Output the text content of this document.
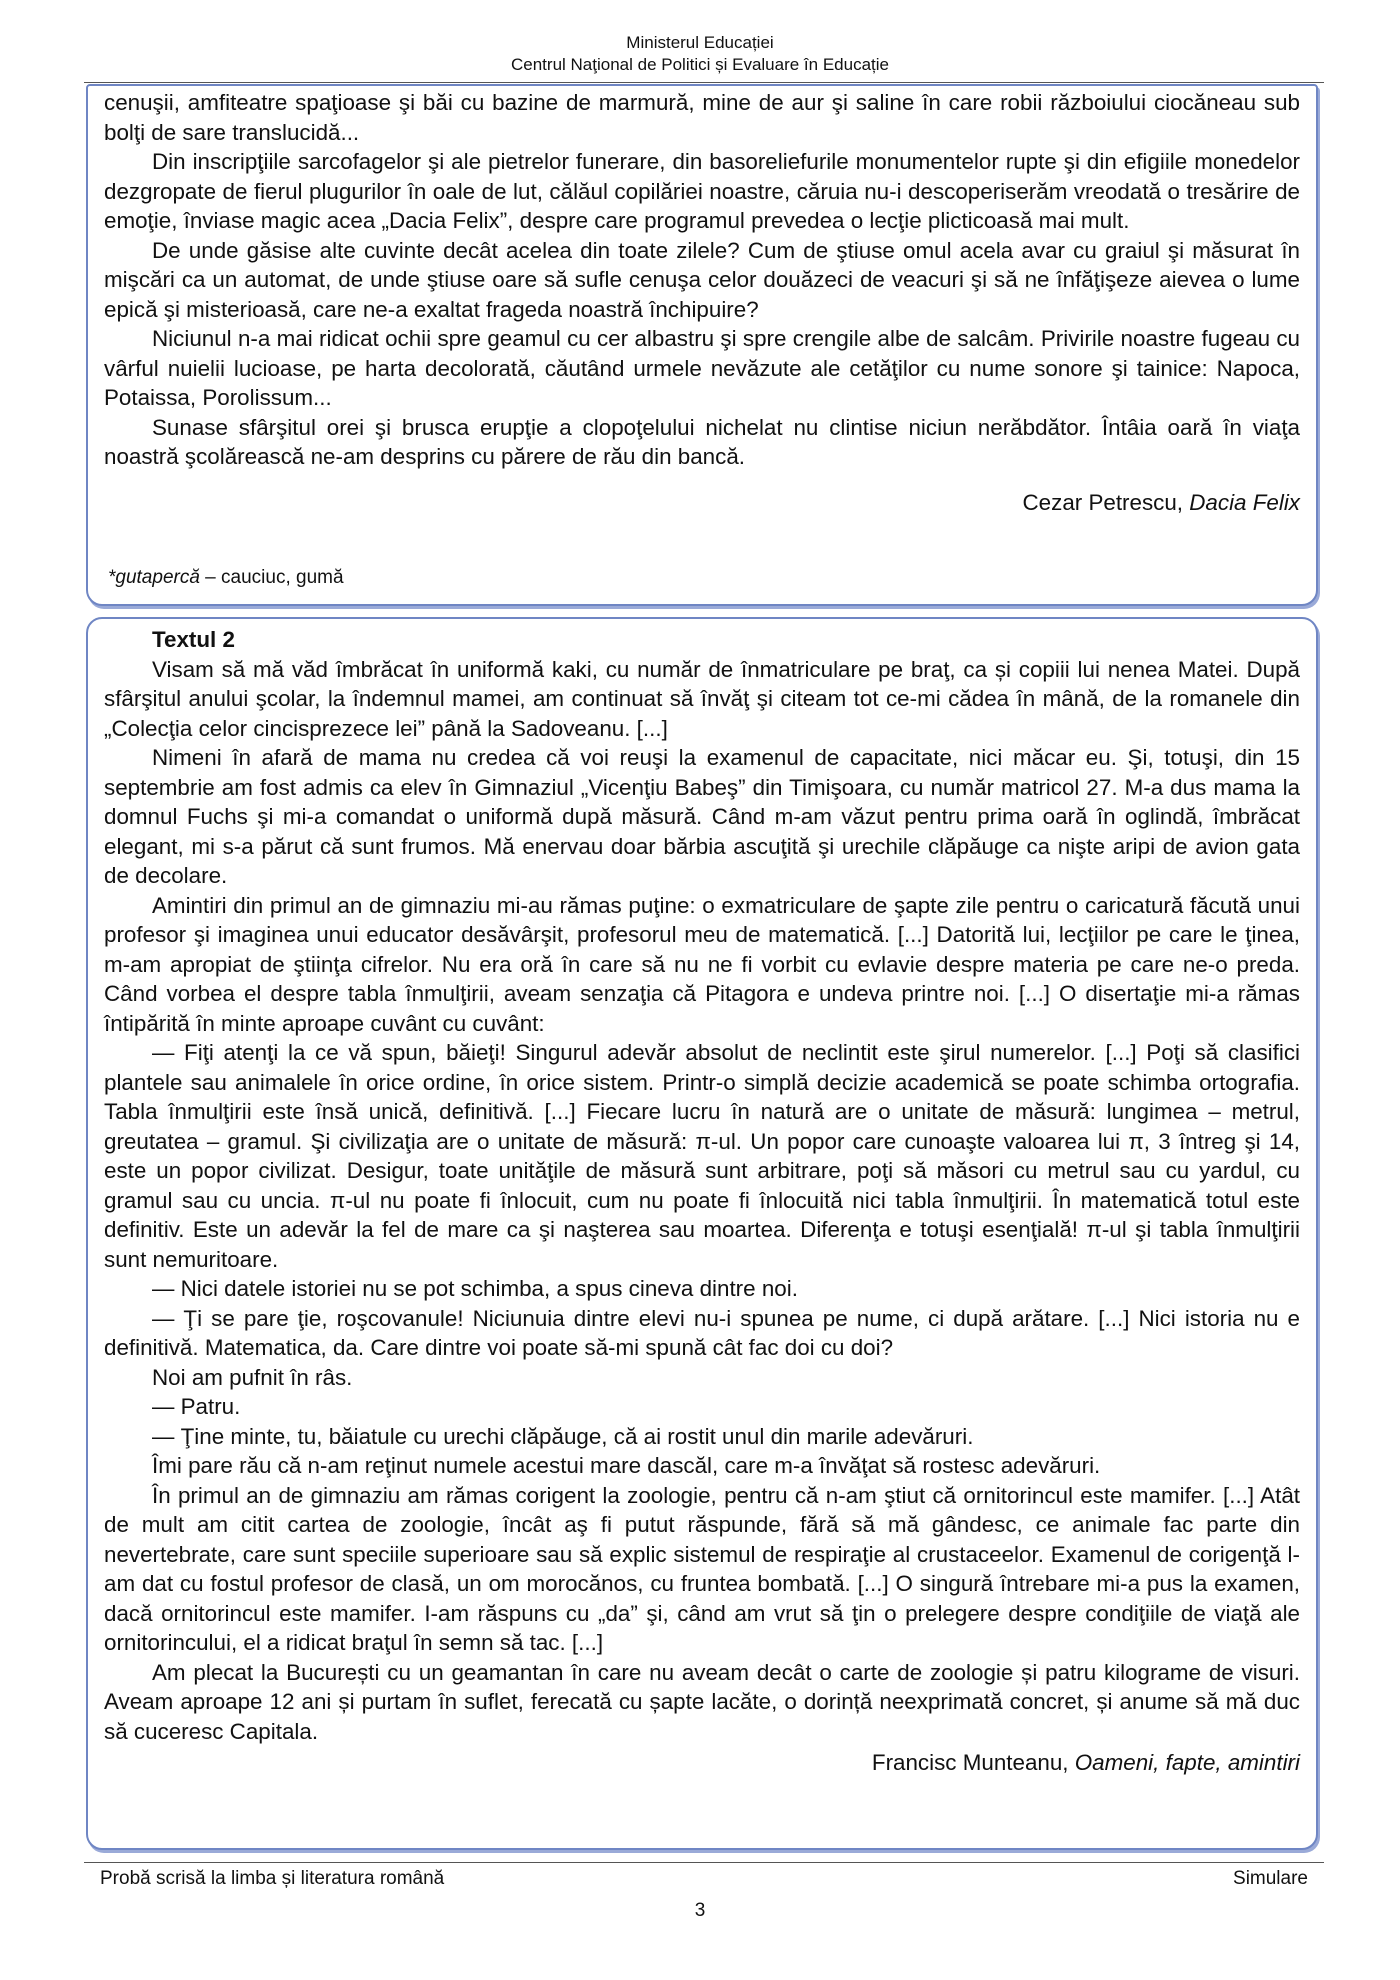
Ministerul Educației
Centrul Naţional de Politici și Evaluare în Educație

cenuşii, amfiteatre spaţioase şi băi cu bazine de marmură, mine de aur şi saline în care robii războiului ciocăneau sub bolţi de sare translucidă...

Din inscripţiile sarcofagelor şi ale pietrelor funerare, din basoreliefurile monumentelor rupte şi din efigiile monedelor dezgropate de fierul plugurilor în oale de lut, călăul copilăriei noastre, căruia nu-i descoperiserăm vreodată o tresărire de emoţie, înviase magic acea „Dacia Felix”, despre care programul prevedea o lecţie plicticoasă mai mult.

De unde găsise alte cuvinte decât acelea din toate zilele? Cum de ştiuse omul acela avar cu graiul şi măsurat în mişcări ca un automat, de unde ştiuse oare să sufle cenuşa celor douăzeci de veacuri şi să ne înfăţişeze aievea o lume epică şi misterioasă, care ne-a exaltat frageda noastră închipuire?

Niciunul n-a mai ridicat ochii spre geamul cu cer albastru şi spre crengile albe de salcâm. Privirile noastre fugeau cu vârful nuielii lucioase, pe harta decolorată, căutând urmele nevăzute ale cetăţilor cu nume sonore şi tainice: Napoca, Potaissa, Porolissum...

Sunase sfârşitul orei şi brusca erupţie a clopoţelului nichelat nu clintise niciun nerăbdător. Întâia oară în viaţa noastră şcolărească ne-am desprins cu părere de rău din bancă.

Cezar Petrescu, Dacia Felix

*gutapercă – cauciuc, gumă

Textul 2

Visam să mă văd îmbrăcat în uniformă kaki, cu număr de înmatriculare pe braţ, ca și copiii lui nenea Matei. După sfârşitul anului şcolar, la îndemnul mamei, am continuat să învăţ şi citeam tot ce-mi cădea în mână, de la romanele din „Colecţia celor cincisprezece lei” până la Sadoveanu. [...]

Nimeni în afară de mama nu credea că voi reuşi la examenul de capacitate, nici măcar eu. Şi, totuşi, din 15 septembrie am fost admis ca elev în Gimnaziul „Vicenţiu Babeş” din Timişoara, cu număr matricol 27. M-a dus mama la domnul Fuchs şi mi-a comandat o uniformă după măsură. Când m-am văzut pentru prima oară în oglindă, îmbrăcat elegant, mi s-a părut că sunt frumos. Mă enervau doar bărbia ascuţită şi urechile clăpăuge ca nişte aripi de avion gata de decolare.

Amintiri din primul an de gimnaziu mi-au rămas puţine: o exmatriculare de şapte zile pentru o caricatură făcută unui profesor şi imaginea unui educator desăvârşit, profesorul meu de matematică. [...] Datorită lui, lecţiilor pe care le ţinea, m-am apropiat de ştiinţa cifrelor. Nu era oră în care să nu ne fi vorbit cu evlavie despre materia pe care ne-o preda. Când vorbea el despre tabla înmulţirii, aveam senzaţia că Pitagora e undeva printre noi. [...] O disertaţie mi-a rămas întipărită în minte aproape cuvânt cu cuvânt:

— Fiţi atenţi la ce vă spun, băieţi! Singurul adevăr absolut de neclintit este şirul numerelor. [...] Poţi să clasifici plantele sau animalele în orice ordine, în orice sistem. Printr-o simplă decizie academică se poate schimba ortografia. Tabla înmulţirii este însă unică, definitivă. [...] Fiecare lucru în natură are o unitate de măsură: lungimea – metrul, greutatea – gramul. Şi civilizaţia are o unitate de măsură: π-ul. Un popor care cunoaşte valoarea lui π, 3 întreg şi 14, este un popor civilizat. Desigur, toate unităţile de măsură sunt arbitrare, poţi să măsori cu metrul sau cu yardul, cu gramul sau cu uncia. π-ul nu poate fi înlocuit, cum nu poate fi înlocuită nici tabla înmulţirii. În matematică totul este definitiv. Este un adevăr la fel de mare ca şi naşterea sau moartea. Diferenţa e totuşi esenţială! π-ul şi tabla înmulţirii sunt nemuritoare.

— Nici datele istoriei nu se pot schimba, a spus cineva dintre noi.

— Ţi se pare ţie, roşcovanule! Niciunuia dintre elevi nu-i spunea pe nume, ci după arătare. [...] Nici istoria nu e definitivă. Matematica, da. Care dintre voi poate să-mi spună cât fac doi cu doi?

Noi am pufnit în râs.

— Patru.

— Ţine minte, tu, băiatule cu urechi clăpăuge, că ai rostit unul din marile adevăruri.

Îmi pare rău că n-am reţinut numele acestui mare dascăl, care m-a învăţat să rostesc adevăruri.

În primul an de gimnaziu am rămas corigent la zoologie, pentru că n-am ştiut că ornitorincul este mamifer. [...] Atât de mult am citit cartea de zoologie, încât aş fi putut răspunde, fără să mă gândesc, ce animale fac parte din nevertebrate, care sunt speciile superioare sau să explic sistemul de respiraţie al crustaceelor. Examenul de corigenţă l-am dat cu fostul profesor de clasă, un om morocănos, cu fruntea bombată. [...] O singură întrebare mi-a pus la examen, dacă ornitorincul este mamifer. I-am răspuns cu „da” şi, când am vrut să ţin o prelegere despre condiţiile de viaţă ale ornitorincului, el a ridicat braţul în semn să tac. [...]

Am plecat la București cu un geamantan în care nu aveam decât o carte de zoologie și patru kilograme de visuri. Aveam aproape 12 ani și purtam în suflet, ferecată cu șapte lacăte, o dorință neexprimată concret, și anume să mă duc să cuceresc Capitala.

Francisc Munteanu, Oameni, fapte, amintiri

Probă scrisă la limba și literatura română	Simulare
3
